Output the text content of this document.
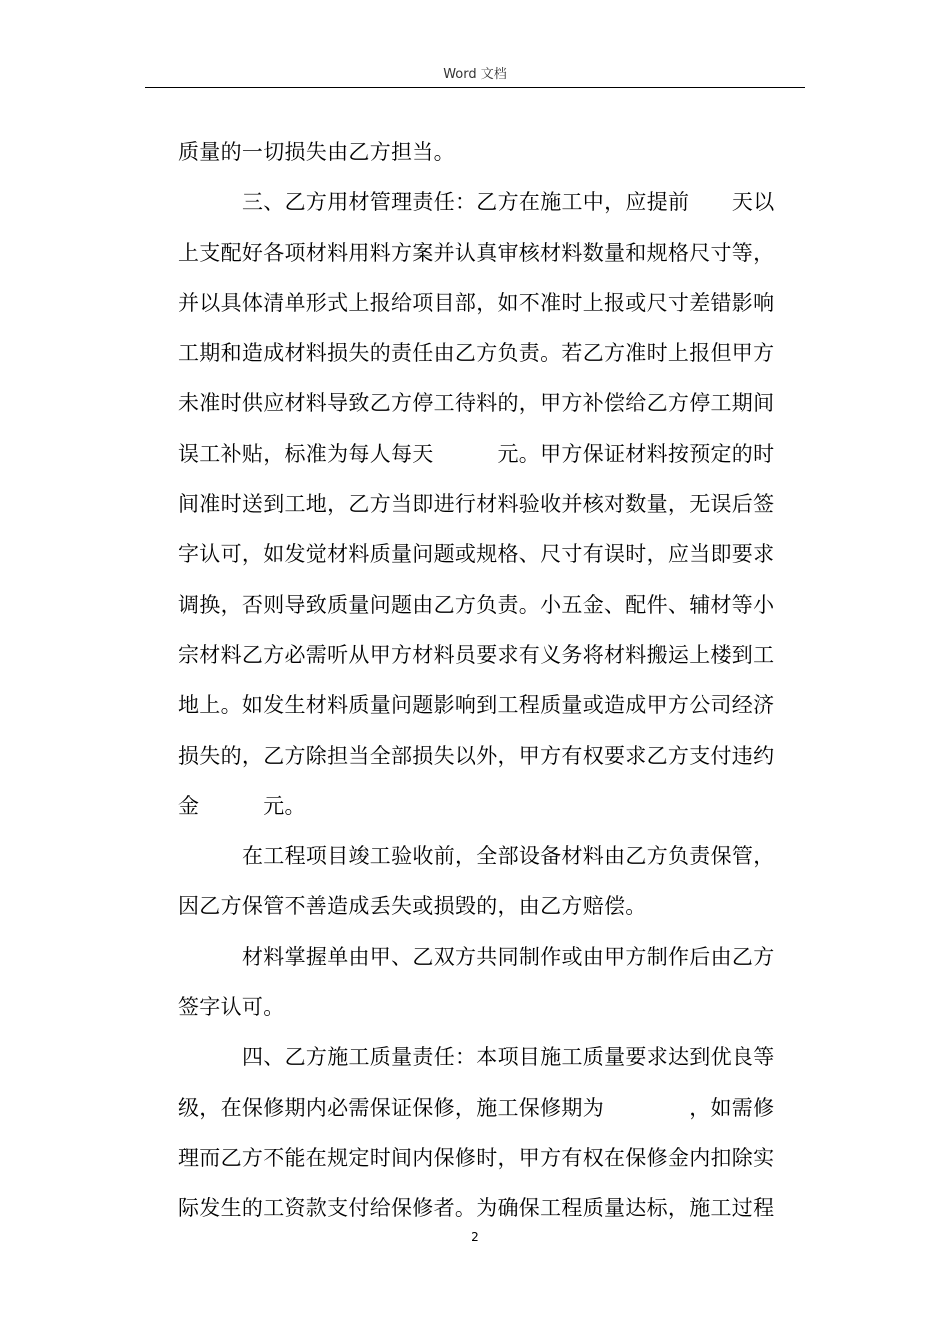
Word 文档
质量的一切损失由乙方担当。
三、乙方用材管理责任：乙方在施工中，应提前　　天以
上支配好各项材料用料方案并认真审核材料数量和规格尺寸等，
并以具体清单形式上报给项目部，如不准时上报或尺寸差错影响
工期和造成材料损失的责任由乙方负责。若乙方准时上报但甲方
未准时供应材料导致乙方停工待料的，甲方补偿给乙方停工期间
误工补贴，标准为每人每天　　　元。甲方保证材料按预定的时
间准时送到工地，乙方当即进行材料验收并核对数量，无误后签
字认可，如发觉材料质量问题或规格、尺寸有误时，应当即要求
调换，否则导致质量问题由乙方负责。小五金、配件、辅材等小
宗材料乙方必需听从甲方材料员要求有义务将材料搬运上楼到工
地上。如发生材料质量问题影响到工程质量或造成甲方公司经济
损失的，乙方除担当全部损失以外，甲方有权要求乙方支付违约
金　　　元。
在工程项目竣工验收前，全部设备材料由乙方负责保管，
因乙方保管不善造成丢失或损毁的，由乙方赔偿。
材料掌握单由甲、乙双方共同制作或由甲方制作后由乙方
签字认可。
四、乙方施工质量责任：本项目施工质量要求达到优良等
级，在保修期内必需保证保修，施工保修期为　　　　，如需修
理而乙方不能在规定时间内保修时，甲方有权在保修金内扣除实
际发生的工资款支付给保修者。为确保工程质量达标，施工过程
2
